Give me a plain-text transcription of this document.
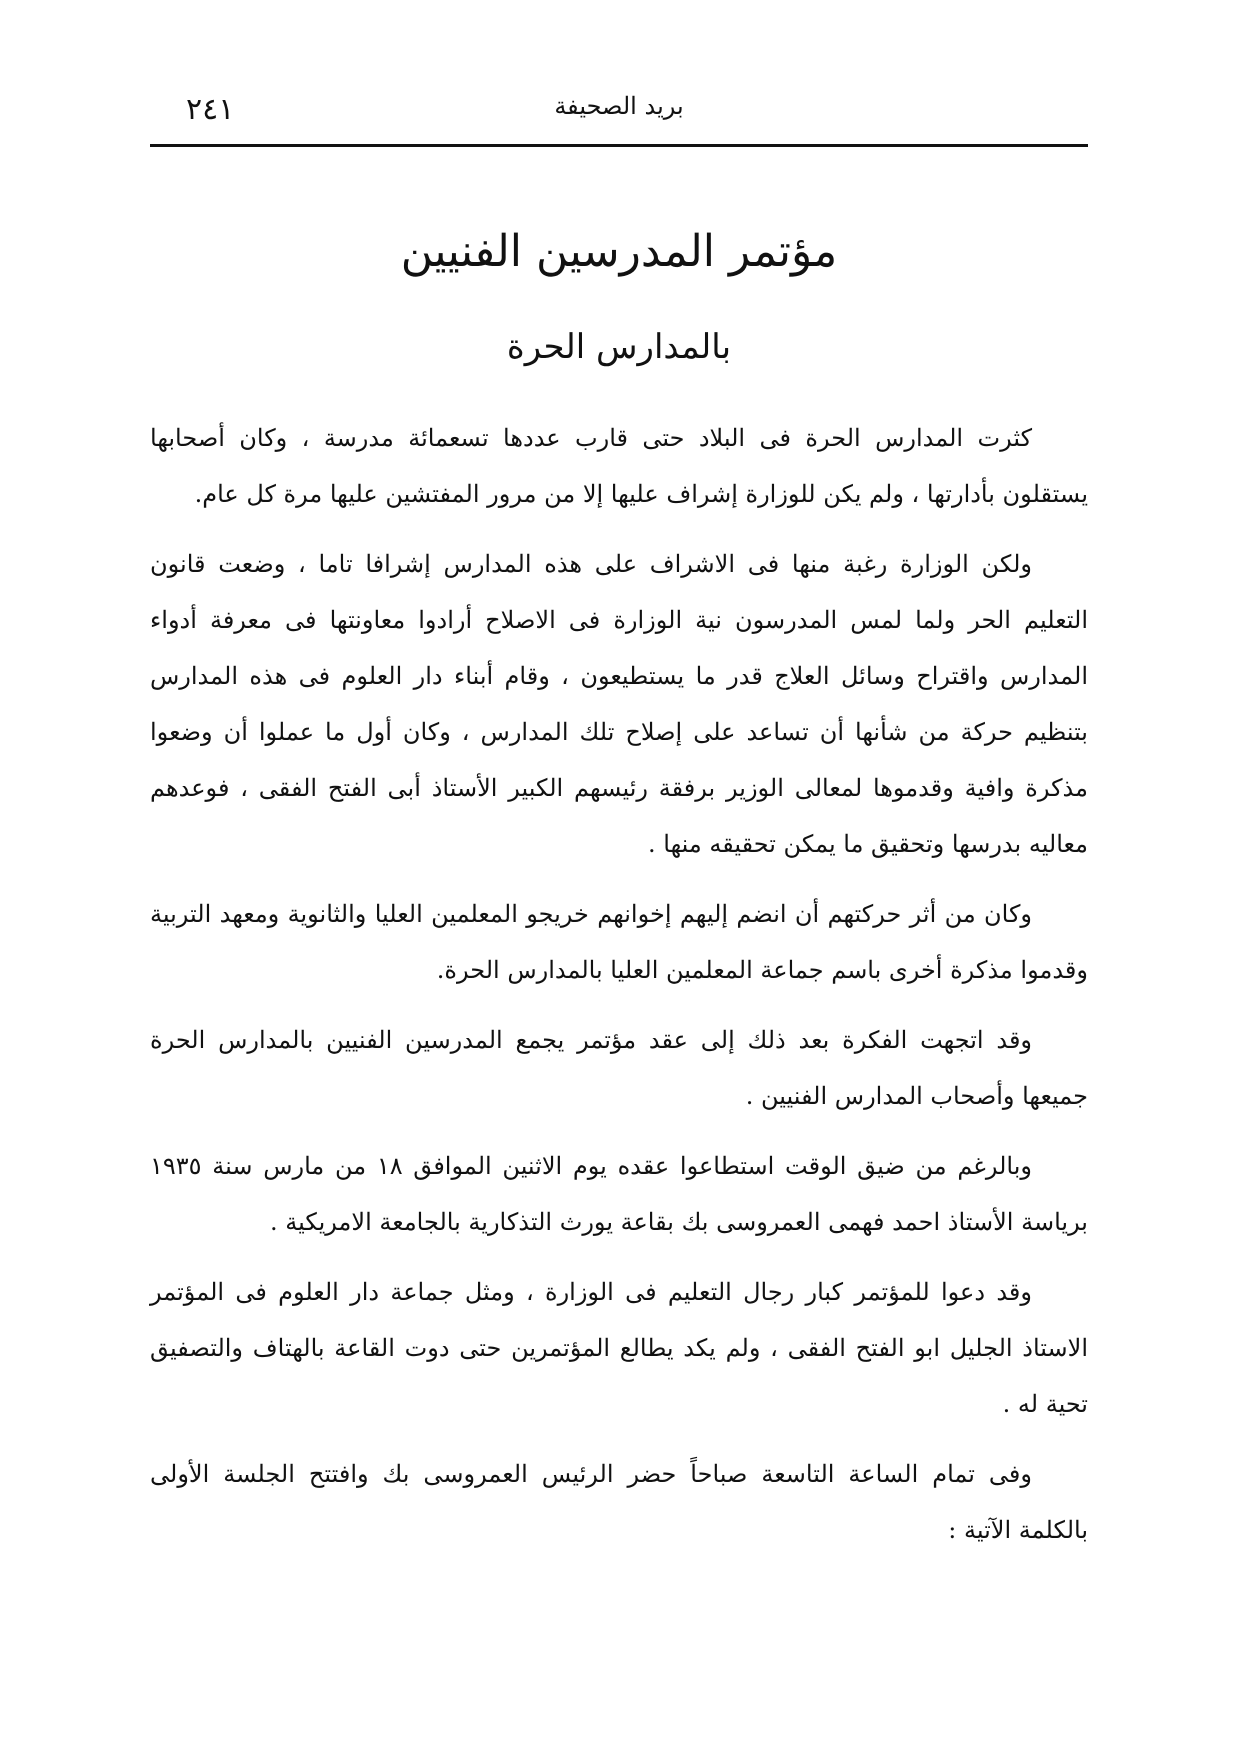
٢٤١	بريد الصحيفة
مؤتمر المدرسين الفنيين
بالمدارس الحرة

كثرت المدارس الحرة فى البلاد حتى قارب عددها تسعمائة مدرسة ، وكان أصحابها يستقلون بأدارتها ، ولم يكن للوزارة إشراف عليها إلا من مرور المفتشين عليها مرة كل عام.

ولكن الوزارة رغبة منها فى الاشراف على هذه المدارس إشرافا تاما ، وضعت قانون التعليم الحر ولما لمس المدرسون نية الوزارة فى الاصلاح أرادوا معاونتها فى معرفة أدواء المدارس واقتراح وسائل العلاج قدر ما يستطيعون ، وقام أبناء دار العلوم فى هذه المدارس بتنظيم حركة من شأنها أن تساعد على إصلاح تلك المدارس ، وكان أول ما عملوا أن وضعوا مذكرة وافية وقدموها لمعالى الوزير برفقة رئيسهم الكبير الأستاذ أبى الفتح الفقى ، فوعدهم معاليه بدرسها وتحقيق ما يمكن تحقيقه منها .

وكان من أثر حركتهم أن انضم إليهم إخوانهم خريجو المعلمين العليا والثانوية ومعهد التربية وقدموا مذكرة أخرى باسم جماعة المعلمين العليا بالمدارس الحرة.

وقد اتجهت الفكرة بعد ذلك إلى عقد مؤتمر يجمع المدرسين الفنيين بالمدارس الحرة جميعها وأصحاب المدارس الفنيين .

وبالرغم من ضيق الوقت استطاعوا عقده يوم الاثنين الموافق ١٨ من مارس سنة ١٩٣٥ برياسة الأستاذ احمد فهمى العمروسى بك بقاعة يورث التذكارية بالجامعة الامريكية .

وقد دعوا للمؤتمر كبار رجال التعليم فى الوزارة ، ومثل جماعة دار العلوم فى المؤتمر الاستاذ الجليل ابو الفتح الفقى ، ولم يكد يطالع المؤتمرين حتى دوت القاعة بالهتاف والتصفيق تحية له .

وفى تمام الساعة التاسعة صباحاً حضر الرئيس العمروسى بك وافتتح الجلسة الأولى بالكلمة الآتية :
